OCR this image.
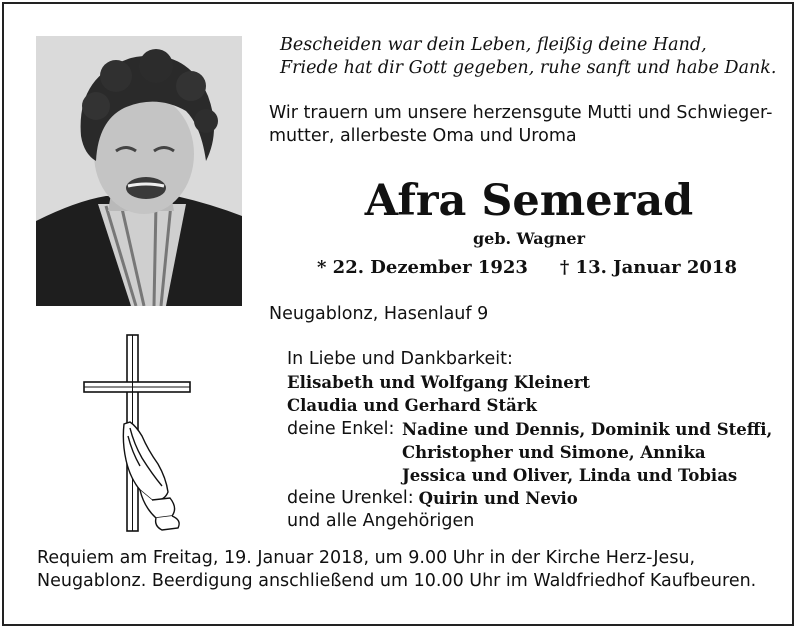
Bescheiden war dein Leben, fleißig deine Hand,
Friede hat dir Gott gegeben, ruhe sanft und habe Dank.
Wir trauern um unsere herzensgute Mutti und Schwieger-
mutter, allerbeste Oma und Uroma
Afra Semerad
geb. Wagner
* 22. Dezember 1923 † 13. Januar 2018
Neugablonz, Hasenlauf 9
In Liebe und Dankbarkeit:
Elisabeth und Wolfgang Kleinert
Claudia und Gerhard Stärk
deine Enkel: Nadine und Dennis, Dominik und Steffi,
Christopher und Simone, Annika
Jessica und Oliver, Linda und Tobias
deine Urenkel: Quirin und Nevio
und alle Angehörigen
Requiem am Freitag, 19. Januar 2018, um 9.00 Uhr in der Kirche Herz-Jesu,
Neugablonz. Beerdigung anschließend um 10.00 Uhr im Waldfriedhof Kaufbeuren.
